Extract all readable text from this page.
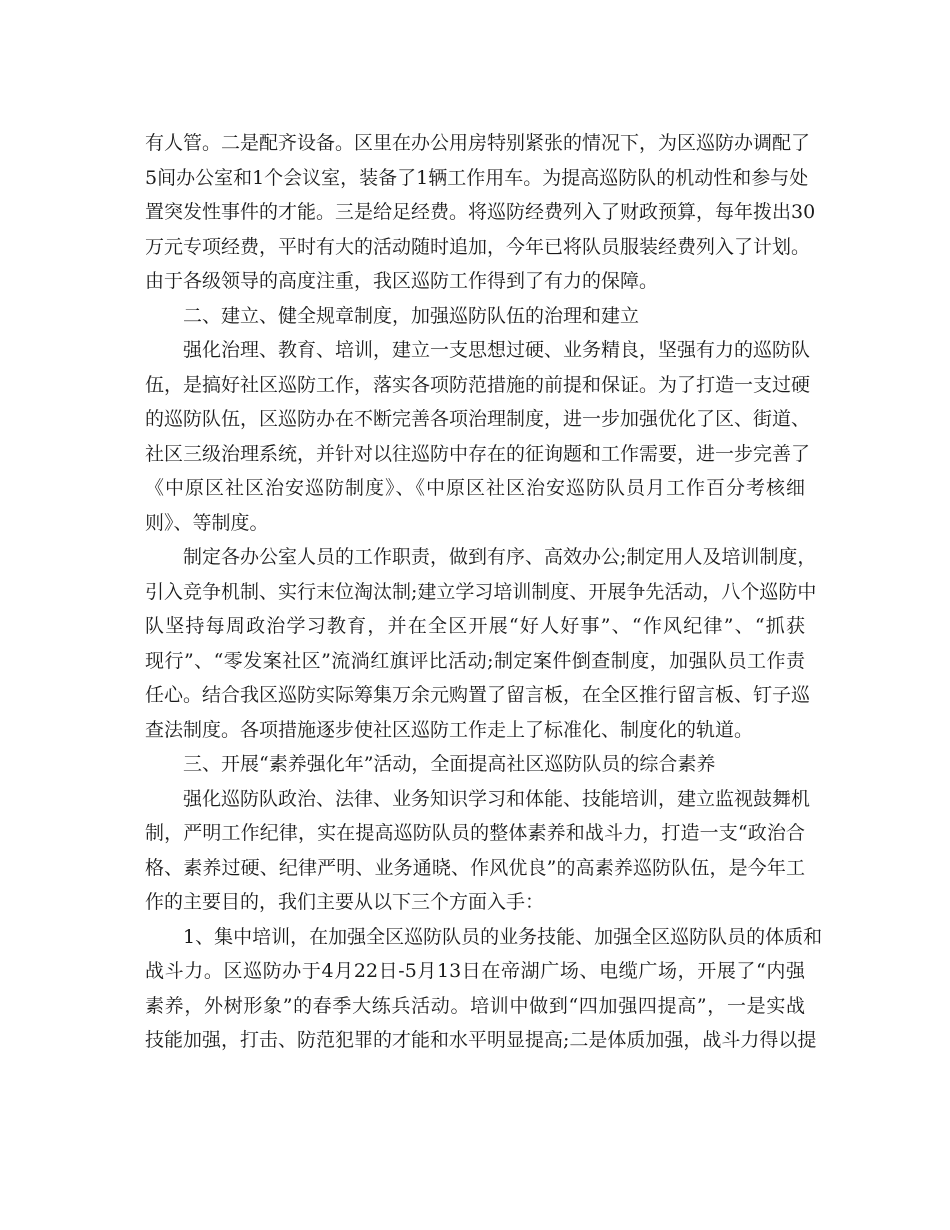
有人管。二是配齐设备。区里在办公用房特别紧张的情况下，为区巡防办调配了
5间办公室和1个会议室，装备了1辆工作用车。为提高巡防队的机动性和参与处
置突发性事件的才能。三是给足经费。将巡防经费列入了财政预算，每年拨出30
万元专项经费，平时有大的活动随时追加，今年已将队员服装经费列入了计划。
由于各级领导的高度注重，我区巡防工作得到了有力的保障。
二、建立、健全规章制度，加强巡防队伍的治理和建立
强化治理、教育、培训，建立一支思想过硬、业务精良，坚强有力的巡防队
伍，是搞好社区巡防工作，落实各项防范措施的前提和保证。为了打造一支过硬
的巡防队伍，区巡防办在不断完善各项治理制度，进一步加强优化了区、街道、
社区三级治理系统，并针对以往巡防中存在的征询题和工作需要，进一步完善了
《中原区社区治安巡防制度》、《中原区社区治安巡防队员月工作百分考核细
则》、等制度。
制定各办公室人员的工作职责，做到有序、高效办公;制定用人及培训制度，
引入竞争机制、实行末位淘汰制;建立学习培训制度、开展争先活动，八个巡防中
队坚持每周政治学习教育，并在全区开展“好人好事”、“作风纪律”、“抓获
现行”、“零发案社区”流淌红旗评比活动;制定案件倒查制度，加强队员工作责
任心。结合我区巡防实际筹集万余元购置了留言板，在全区推行留言板、钉子巡
查法制度。各项措施逐步使社区巡防工作走上了标准化、制度化的轨道。
三、开展“素养强化年”活动，全面提高社区巡防队员的综合素养
强化巡防队政治、法律、业务知识学习和体能、技能培训，建立监视鼓舞机
制，严明工作纪律，实在提高巡防队员的整体素养和战斗力，打造一支“政治合
格、素养过硬、纪律严明、业务通晓、作风优良”的高素养巡防队伍，是今年工
作的主要目的，我们主要从以下三个方面入手：
1、集中培训，在加强全区巡防队员的业务技能、加强全区巡防队员的体质和
战斗力。区巡防办于4月22日-5月13日在帝湖广场、电缆广场，开展了“内强
素养，外树形象”的春季大练兵活动。培训中做到“四加强四提高”，一是实战
技能加强，打击、防范犯罪的才能和水平明显提高;二是体质加强，战斗力得以提
